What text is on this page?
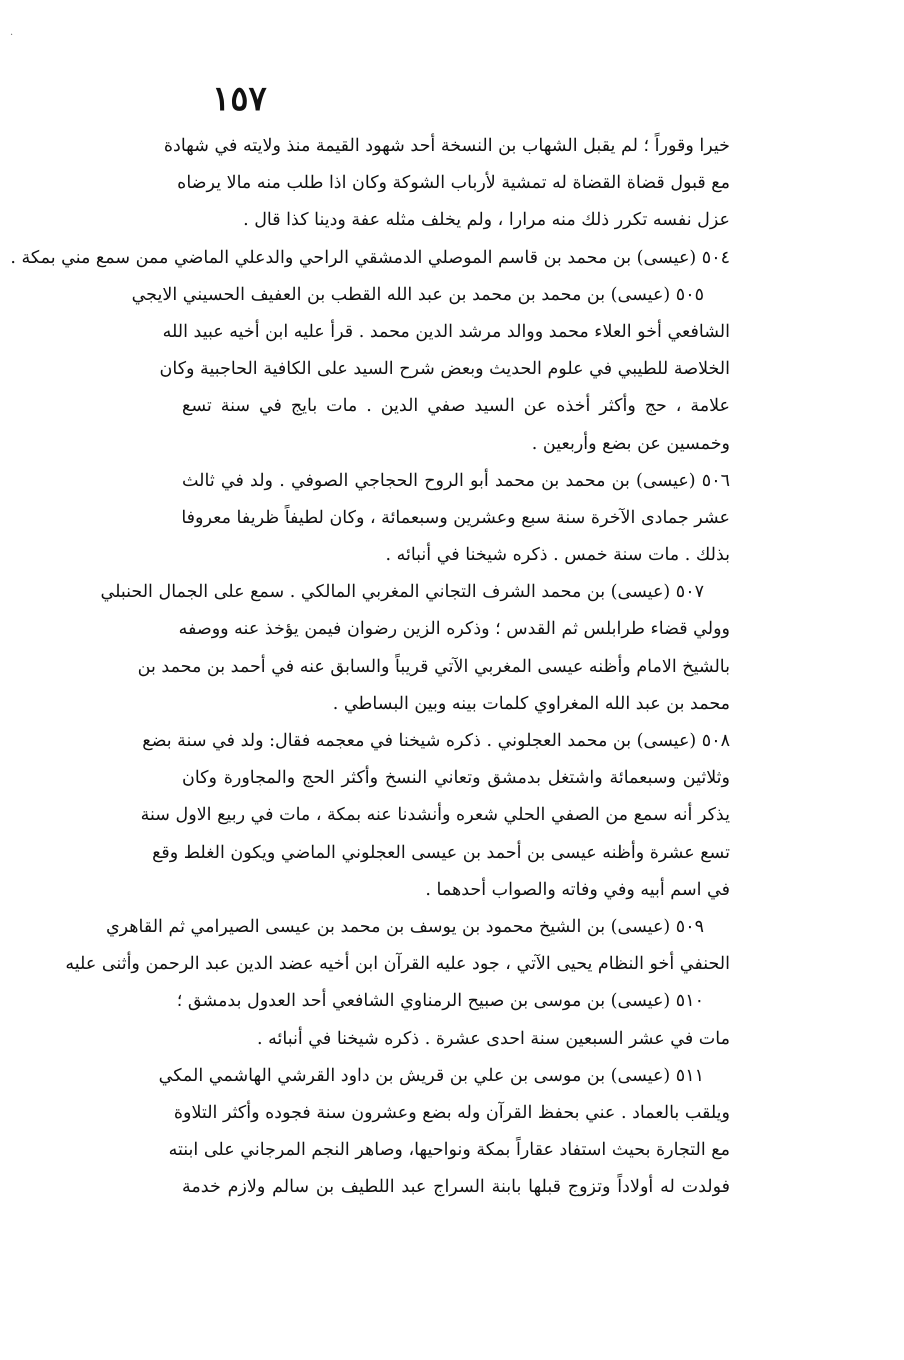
·
١٥٧
خيرا وقوراً ؛ لم يقبل الشهاب بن النسخة أحد شهود القيمة منذ ولايته في شهادة
مع قبول قضاة القضاة له تمشية لأرباب الشوكة وكان اذا طلب منه مالا يرضاه
عزل نفسه تكرر ذلك منه مرارا ، ولم يخلف مثله عفة ودينا كذا قال .
٥٠٤ (عيسى) بن محمد بن قاسم الموصلي الدمشقي الراحي والدعلي الماضي ممن سمع مني بمكة .
٥٠٥ (عيسى) بن محمد بن محمد بن عبد الله القطب بن العفيف الحسيني الايجي
الشافعي أخو العلاء محمد ووالد مرشد الدين محمد . قرأ عليه ابن أخيه عبيد الله
الخلاصة للطيبي في علوم الحديث وبعض شرح السيد على الكافية الحاجبية وكان
علامة ، حج وأكثر أخذه عن السيد صفي الدين . مات بايج في سنة تسع
وخمسين عن بضع وأربعين .
٥٠٦ (عيسى) بن محمد بن محمد أبو الروح الحجاجي الصوفي . ولد في ثالث
عشر جمادى الآخرة سنة سبع وعشرين وسبعمائة ، وكان لطيفاً ظريفا معروفا
بذلك . مات سنة خمس . ذكره شيخنا في أنبائه .
٥٠٧ (عيسى) بن محمد الشرف التجاني المغربي المالكي . سمع على الجمال الحنبلي
وولي قضاء طرابلس ثم القدس ؛ وذكره الزين رضوان فيمن يؤخذ عنه ووصفه
بالشيخ الامام وأظنه عيسى المغربي الآتي قريباً والسابق عنه في أحمد بن محمد بن
محمد بن عبد الله المغراوي كلمات بينه وبين البساطي .
٥٠٨ (عيسى) بن محمد العجلوني . ذكره شيخنا في معجمه فقال: ولد في سنة بضع
وثلاثين وسبعمائة واشتغل بدمشق وتعاني النسخ وأكثر الحج والمجاورة وكان
يذكر أنه سمع من الصفي الحلي شعره وأنشدنا عنه بمكة ، مات في ربيع الاول سنة
تسع عشرة وأظنه عيسى بن أحمد بن عيسى العجلوني الماضي ويكون الغلط وقع
في اسم أبيه وفي وفاته والصواب أحدهما .
٥٠٩ (عيسى) بن الشيخ محمود بن يوسف بن محمد بن عيسى الصيرامي ثم القاهري
الحنفي أخو النظام يحيى الآتي ، جود عليه القرآن ابن أخيه عضد الدين عبد الرحمن وأثنى عليه
٥١٠ (عيسى) بن موسى بن صبيح الرمناوي الشافعي أحد العدول بدمشق ؛
مات في عشر السبعين سنة احدى عشرة . ذكره شيخنا في أنبائه .
٥١١ (عيسى) بن موسى بن علي بن قريش بن داود القرشي الهاشمي المكي
ويلقب بالعماد . عني بحفظ القرآن وله بضع وعشرون سنة فجوده وأكثر التلاوة
مع التجارة بحيث استفاد عقاراً بمكة ونواحيها، وصاهر النجم المرجاني على ابنته
فولدت له أولاداً وتزوج قبلها بابنة السراج عبد اللطيف بن سالم ولازم خدمة
